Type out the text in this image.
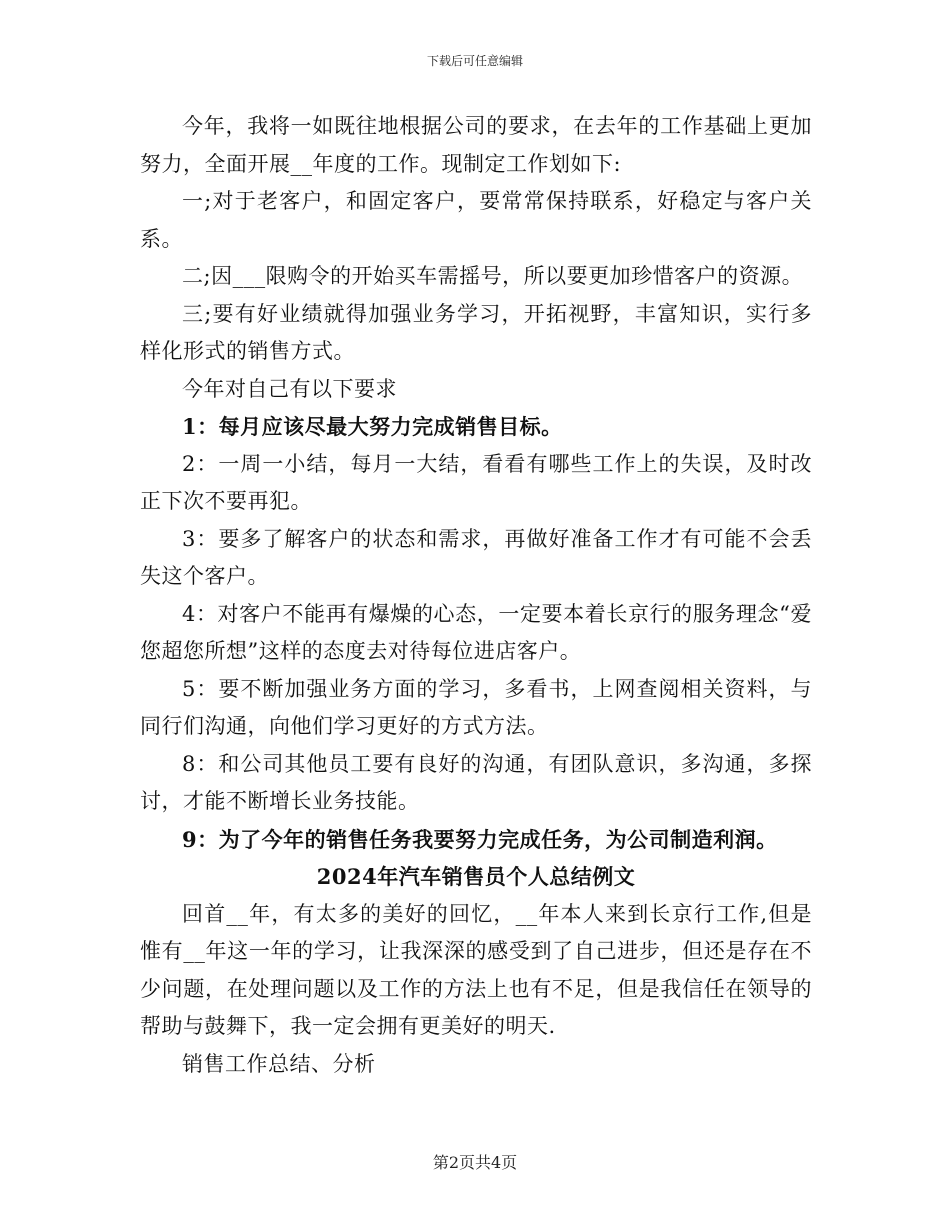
下载后可任意编辑

今年，我将一如既往地根据公司的要求，在去年的工作基础上更加努力，全面开展__年度的工作。现制定工作划如下:

一;对于老客户，和固定客户，要常常保持联系，好稳定与客户关系。

二;因___限购令的开始买车需摇号，所以要更加珍惜客户的资源。

三;要有好业绩就得加强业务学习，开拓视野，丰富知识，实行多样化形式的销售方式。

今年对自己有以下要求

1：每月应该尽最大努力完成销售目标。

2：一周一小结，每月一大结，看看有哪些工作上的失误，及时改正下次不要再犯。

3：要多了解客户的状态和需求，再做好准备工作才有可能不会丢失这个客户。

4：对客户不能再有爆燥的心态，一定要本着长京行的服务理念“爱您超您所想”这样的态度去对待每位进店客户。

5：要不断加强业务方面的学习，多看书，上网查阅相关资料，与同行们沟通，向他们学习更好的方式方法。

8：和公司其他员工要有良好的沟通，有团队意识，多沟通，多探讨，才能不断增长业务技能。

9：为了今年的销售任务我要努力完成任务，为公司制造利润。

2024年汽车销售员个人总结例文

回首__年，有太多的美好的回忆，__年本人来到长京行工作,但是惟有__年这一年的学习，让我深深的感受到了自己进步，但还是存在不少问题，在处理问题以及工作的方法上也有不足，但是我信任在领导的帮助与鼓舞下，我一定会拥有更美好的明天.

销售工作总结、分析

第2页共4页
